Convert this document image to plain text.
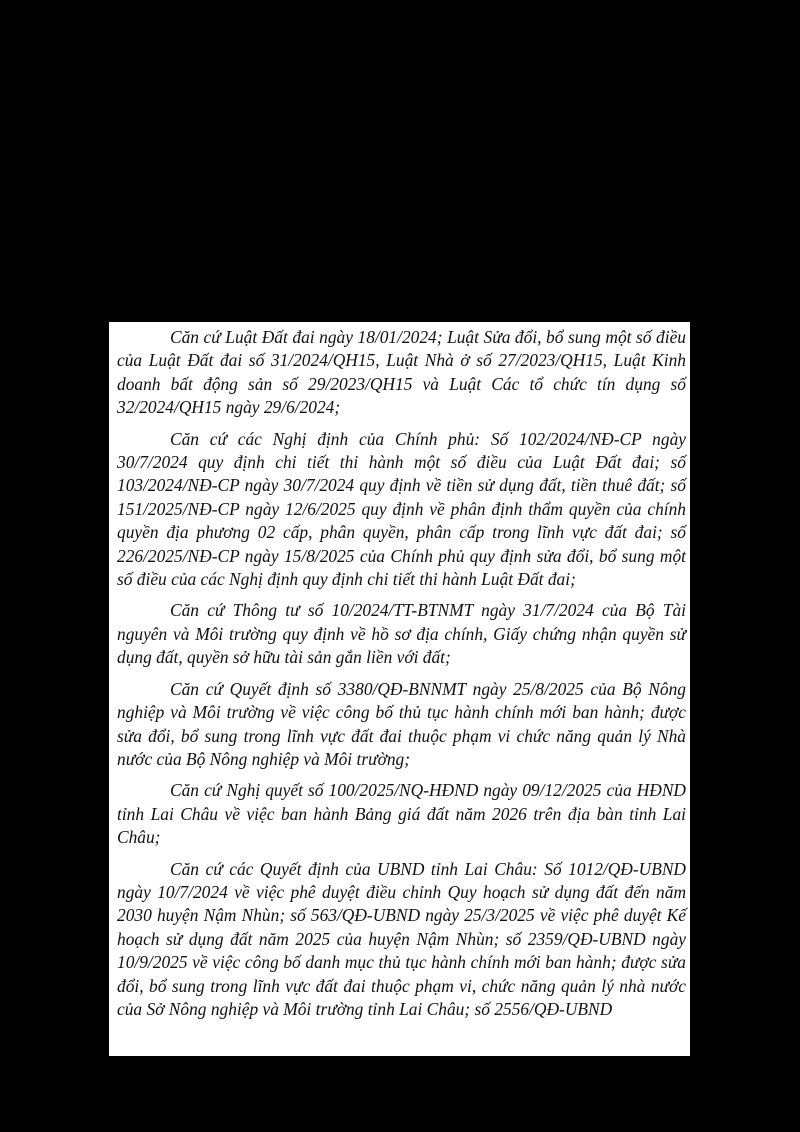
Căn cứ Luật Đất đai ngày 18/01/2024; Luật Sửa đổi, bổ sung một số điều của Luật Đất đai số 31/2024/QH15, Luật Nhà ở số 27/2023/QH15, Luật Kinh doanh bất động sản số 29/2023/QH15 và Luật Các tổ chức tín dụng số 32/2024/QH15 ngày 29/6/2024;

Căn cứ các Nghị định của Chính phủ: Số 102/2024/NĐ-CP ngày 30/7/2024 quy định chi tiết thi hành một số điều của Luật Đất đai; số 103/2024/NĐ-CP ngày 30/7/2024 quy định về tiền sử dụng đất, tiền thuê đất; số 151/2025/NĐ-CP ngày 12/6/2025 quy định về phân định thẩm quyền của chính quyền địa phương 02 cấp, phân quyền, phân cấp trong lĩnh vực đất đai; số 226/2025/NĐ-CP ngày 15/8/2025 của Chính phủ quy định sửa đổi, bổ sung một số điều của các Nghị định quy định chi tiết thi hành Luật Đất đai;

Căn cứ Thông tư số 10/2024/TT-BTNMT ngày 31/7/2024 của Bộ Tài nguyên và Môi trường quy định về hồ sơ địa chính, Giấy chứng nhận quyền sử dụng đất, quyền sở hữu tài sản gắn liền với đất;

Căn cứ Quyết định số 3380/QĐ-BNNMT ngày 25/8/2025 của Bộ Nông nghiệp và Môi trường về việc công bố thủ tục hành chính mới ban hành; được sửa đổi, bổ sung trong lĩnh vực đất đai thuộc phạm vi chức năng quản lý Nhà nước của Bộ Nông nghiệp và Môi trường;

Căn cứ Nghị quyết số 100/2025/NQ-HĐND ngày 09/12/2025 của HĐND tỉnh Lai Châu về việc ban hành Bảng giá đất năm 2026 trên địa bàn tỉnh Lai Châu;

Căn cứ các Quyết định của UBND tỉnh Lai Châu: Số 1012/QĐ-UBND ngày 10/7/2024 về việc phê duyệt điều chỉnh Quy hoạch sử dụng đất đến năm 2030 huyện Nậm Nhùn; số 563/QĐ-UBND ngày 25/3/2025 về việc phê duyệt Kế hoạch sử dụng đất năm 2025 của huyện Nậm Nhùn; số 2359/QĐ-UBND ngày 10/9/2025 về việc công bố danh mục thủ tục hành chính mới ban hành; được sửa đổi, bổ sung trong lĩnh vực đất đai thuộc phạm vi, chức năng quản lý nhà nước của Sở Nông nghiệp và Môi trường tỉnh Lai Châu; số 2556/QĐ-UBND
